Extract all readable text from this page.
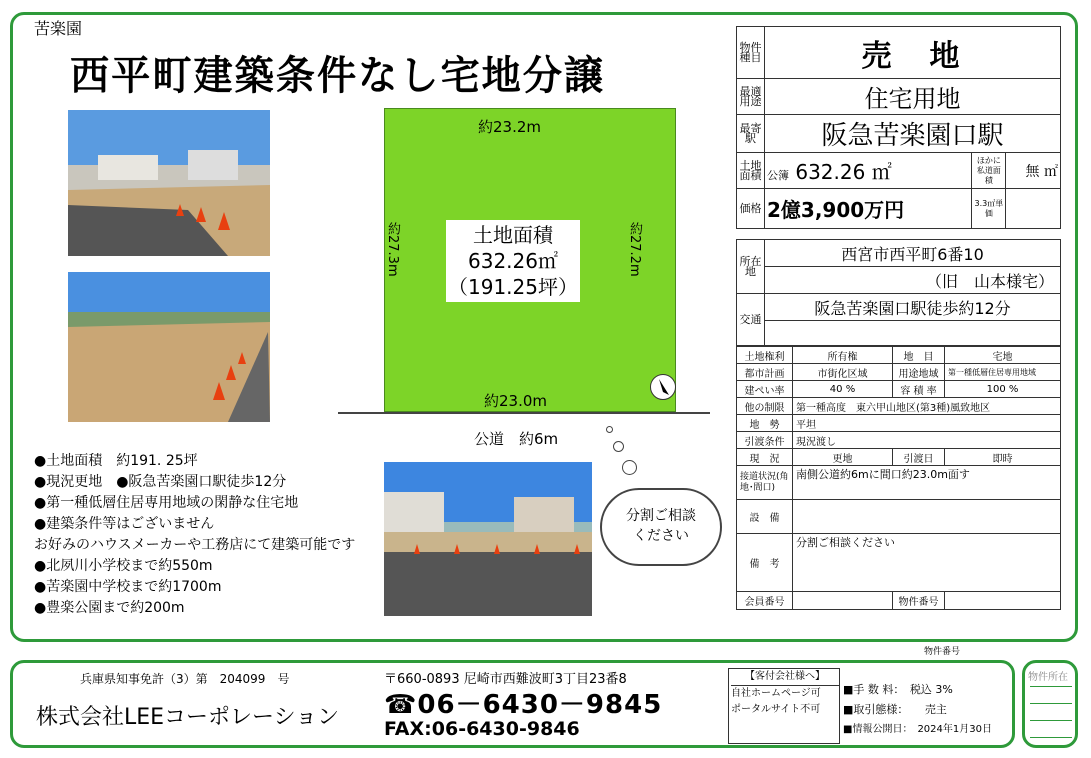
苦楽園
西平町建築条件なし宅地分譲
約23.2m
約27.3m	約27.2m
約23.0m
土地面積
632.26㎡
（191.25坪）
公道　約6m
●土地面積　約191. 25坪
●現況更地　●阪急苦楽園口駅徒歩12分
●第一種低層住居専用地域の閑静な住宅地
●建築条件等はございません
お好みのハウスメーカーや工務店にて建築可能です
●北夙川小学校まで約550m
●苦楽園中学校まで約1700m
●豊楽公園まで約200m
分割ご相談
ください
物件種目	売　地		
最適用途	住宅用地		
最寄駅	阪急苦楽園口駅		
土地面積	公簿 632.26 ㎡	ほかに私道面積	無 ㎡
価格	2億3,900万円	3.3㎡単価	
所在地	西宮市西平町6番10
	（旧　山本様宅）
交通	阪急苦楽園口駅徒歩約12分

土地権利	所有権	地　目	宅地
都市計画	市街化区域	用途地域	第一種低層住居専用地域
建ぺい率	40 %	容 積 率	100 %
他の制限	第一種高度　東六甲山地区(第3種)風致地区		
地　勢	平坦		
引渡条件	現況渡し		
現　況	更地	引渡日	即時
接道状況(角地･間口)	南側公道約6mに間口約23.0m面す		
設　備			
備　考	分割ご相談ください		
会員番号		物件番号	
物件番号
兵庫県知事免許（3）第　204099　号
株式会社LEEコーポレーション
〒660-0893 尼崎市西難波町3丁目23番8
☎06－6430－9845
FAX:06-6430-9846
【客付会社様へ】
自社ホームページ可
ポータルサイト不可
■手 数 料：　税込 3%
■取引態様：　　売主
■情報公開日：　2024年1月30日
物件所在
